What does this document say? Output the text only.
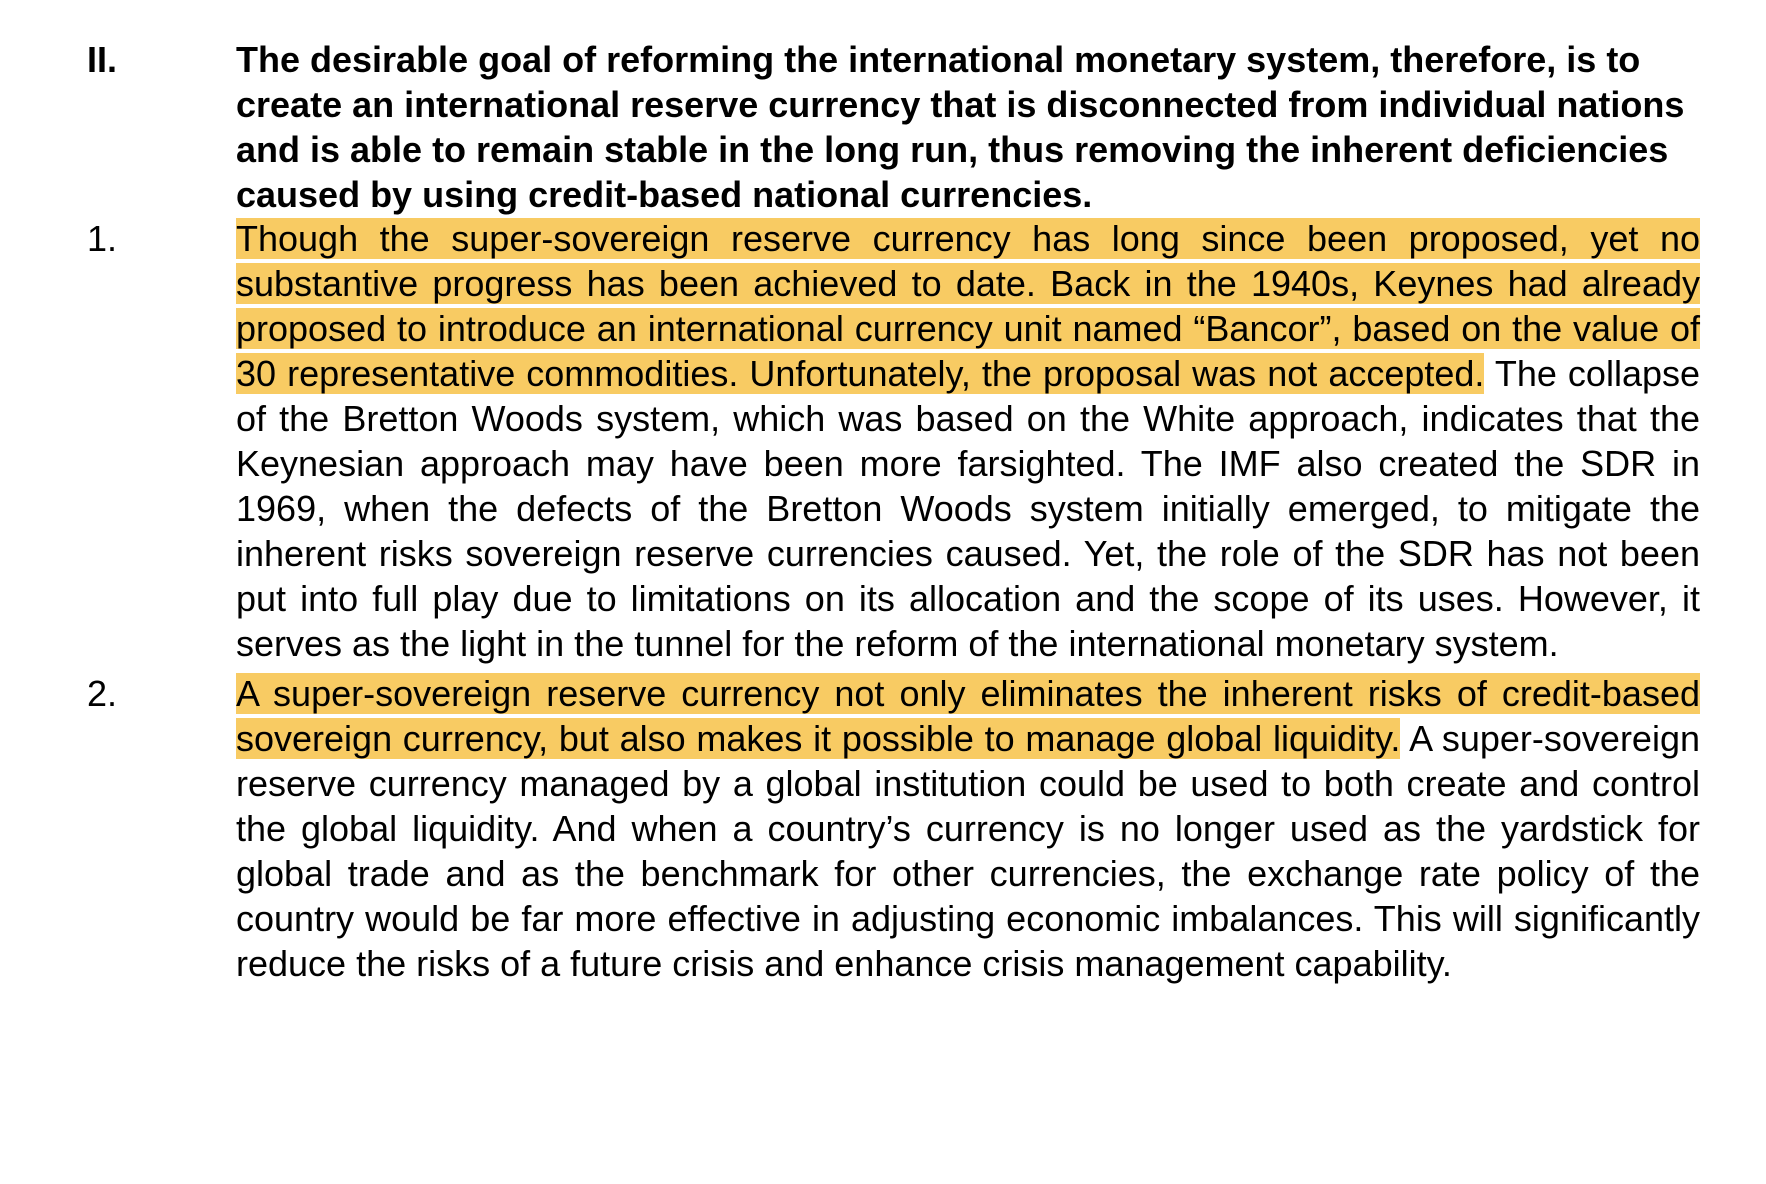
II.	The desirable goal of reforming the international monetary system, therefore, is to create an international reserve currency that is disconnected from individual nations and is able to remain stable in the long run, thus removing the inherent deficiencies caused by using credit-based national currencies.
1.	Though the super-sovereign reserve currency has long since been proposed, yet no substantive progress has been achieved to date. Back in the 1940s, Keynes had already proposed to introduce an international currency unit named “Bancor”, based on the value of 30 representative commodities. Unfortunately, the proposal was not accepted. The collapse of the Bretton Woods system, which was based on the White approach, indicates that the Keynesian approach may have been more farsighted. The IMF also created the SDR in 1969, when the defects of the Bretton Woods system initially emerged, to mitigate the inherent risks sovereign reserve currencies caused. Yet, the role of the SDR has not been put into full play due to limitations on its allocation and the scope of its uses. However, it serves as the light in the tunnel for the reform of the international monetary system.
2.	A super-sovereign reserve currency not only eliminates the inherent risks of credit-based sovereign currency, but also makes it possible to manage global liquidity. A super-sovereign reserve currency managed by a global institution could be used to both create and control the global liquidity. And when a country’s currency is no longer used as the yardstick for global trade and as the benchmark for other currencies, the exchange rate policy of the country would be far more effective in adjusting economic imbalances. This will significantly reduce the risks of a future crisis and enhance crisis management capability.
